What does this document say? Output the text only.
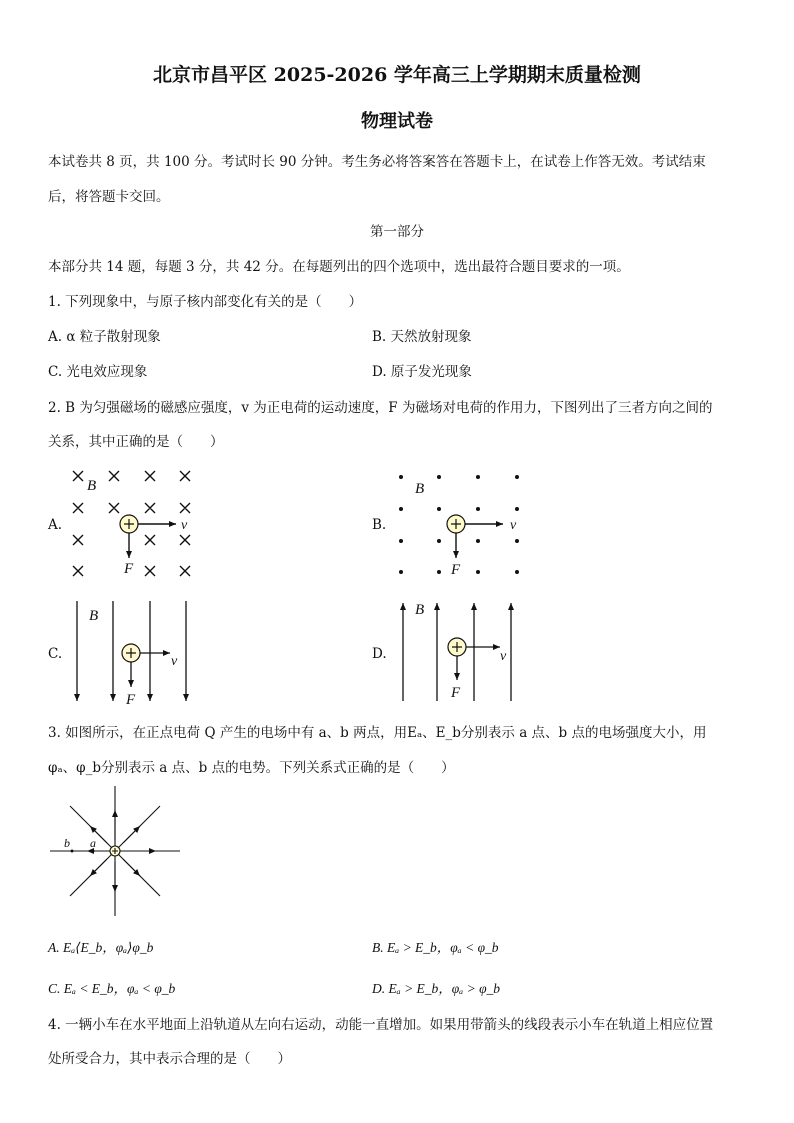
北京市昌平区 2025-2026 学年高三上学期期末质量检测
物理试卷
本试卷共 8 页，共 100 分。考试时长 90 分钟。考生务必将答案答在答题卡上，在试卷上作答无效。考试结束
后，将答题卡交回。
第一部分
本部分共 14 题，每题 3 分，共 42 分。在每题列出的四个选项中，选出最符合题目要求的一项。
1. 下列现象中，与原子核内部变化有关的是（　　）
A. α 粒子散射现象	B. 天然放射现象
C. 光电效应现象	D. 原子发光现象
2. B 为匀强磁场的磁感应强度，v 为正电荷的运动速度，F 为磁场对电荷的作用力，下图列出了三者方向之间的
关系，其中正确的是（　　）
A.	B.
C.	D.
B
v
F
B
v
F
B
v
F
B
v
F
a
b
3. 如图所示，在正点电荷 Q 产生的电场中有 a、b 两点，用Eₐ、E_b分别表示 a 点、b 点的电场强度大小，用
φₐ、φ_b分别表示 a 点、b 点的电势。下列关系式正确的是（　　）
A. Eₐ⟨E_b，φₐ⟩φ_b	B. Eₐ > E_b，φₐ < φ_b
C. Eₐ < E_b，φₐ < φ_b	D. Eₐ > E_b，φₐ > φ_b
4. 一辆小车在水平地面上沿轨道从左向右运动，动能一直增加。如果用带箭头的线段表示小车在轨道上相应位置
处所受合力，其中表示合理的是（　　）
